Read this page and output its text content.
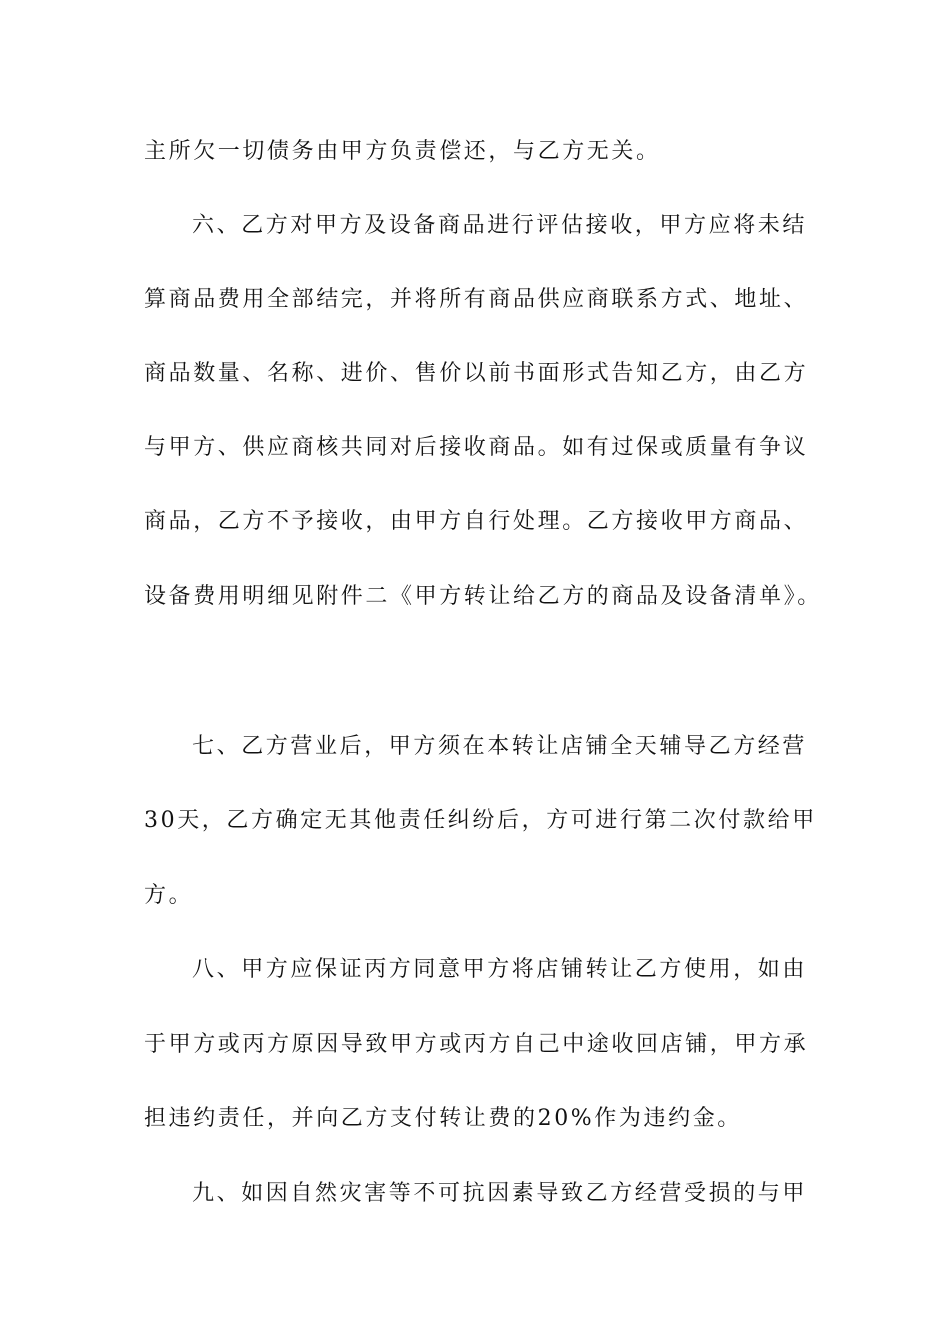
主所欠一切债务由甲方负责偿还，与乙方无关。
六、乙方对甲方及设备商品进行评估接收，甲方应将未结
算商品费用全部结完，并将所有商品供应商联系方式、地址、
商品数量、名称、进价、售价以前书面形式告知乙方，由乙方
与甲方、供应商核共同对后接收商品。如有过保或质量有争议
商品，乙方不予接收，由甲方自行处理。乙方接收甲方商品、
设备费用明细见附件二《甲方转让给乙方的商品及设备清单》。
七、乙方营业后，甲方须在本转让店铺全天辅导乙方经营
30天，乙方确定无其他责任纠纷后，方可进行第二次付款给甲
方。
八、甲方应保证丙方同意甲方将店铺转让乙方使用，如由
于甲方或丙方原因导致甲方或丙方自己中途收回店铺，甲方承
担违约责任，并向乙方支付转让费的20%作为违约金。
九、如因自然灾害等不可抗因素导致乙方经营受损的与甲
